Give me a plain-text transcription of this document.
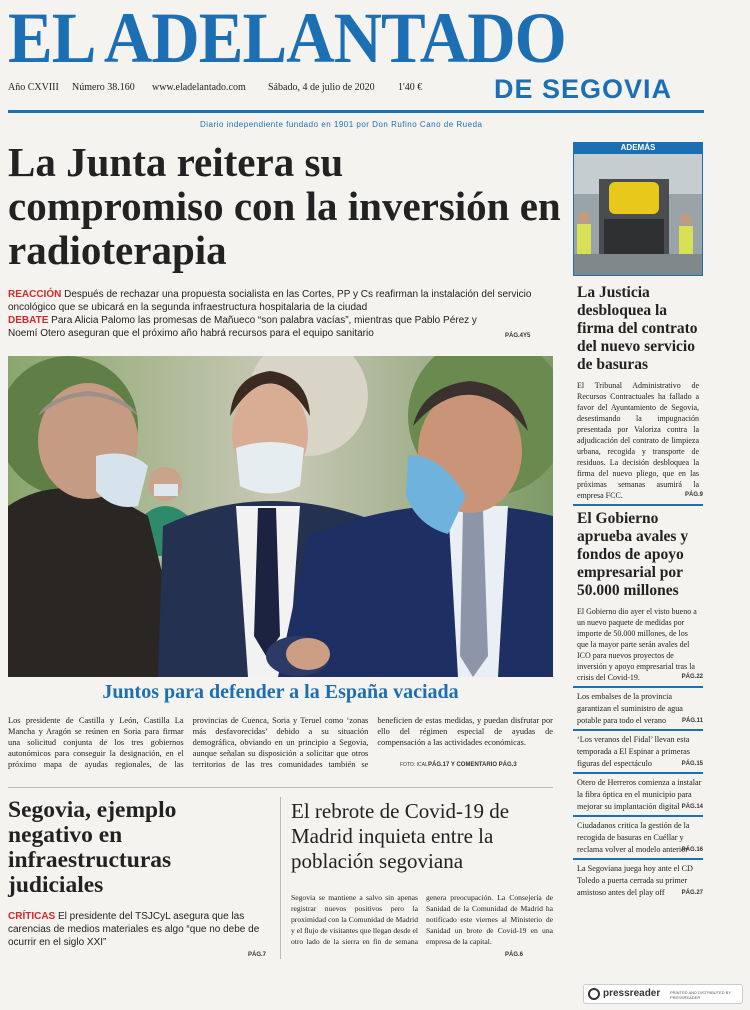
EL ADELANTADO
DE SEGOVIA
Año CXVIII Número 38.160 www.eladelantado.com Sábado, 4 de julio de 2020 1'40 €
Diario independiente fundado en 1901 por Don Rufino Cano de Rueda
La Junta reitera su compromiso con la inversión en radioterapia
REACCIÓN Después de rechazar una propuesta socialista en las Cortes, PP y Cs reafirman la instalación del servicio oncológico que se ubicará en la segunda infraestructura hospitalaria de la ciudad
DEBATE Para Alicia Palomo las promesas de Mañueco “son palabra vacías”, mientras que Pablo Pérez y Noemí Otero aseguran que el próximo año habrá recursos para el equipo sanitario	PÁG.4Y5
Juntos para defender a la España vaciada
Los presidente de Castilla y León, Castilla La Mancha y Aragón se reúnen en Soria para firmar una solicitud conjunta de los tres gobiernos autonómicos para conseguir la designación, en el próximo mapa de ayudas regionales, de las provincias de Cuenca, Soria y Teruel como ‘zonas más desfavorecidas’ debido a su situación demográfica, obviando en un principio a Segovia, aunque señalan su disposición a solicitar que otros territorios de las tres comunidades también se beneficien de estas medidas, y puedan disfrutar por ello del régimen especial de ayudas de compensación a las actividades económicas.
FOTO: ICAL PÁG.17 Y COMENTARIO PÁG.3
Segovia, ejemplo negativo en infraestructuras judiciales
CRÍTICAS El presidente del TSJCyL asegura que las carencias de medios materiales es algo “que no debe de ocurrir en el siglo XXI”
PÁG.7
El rebrote de Covid-19 de Madrid inquieta entre la población segoviana
Segovia se mantiene a salvo sin apenas registrar nuevos positivos pero la proximidad con la Comunidad de Madrid y el flujo de visitantes que llegan desde el otro lado de la sierra en fin de semana genera preocupación. La Consejería de Sanidad de la Comunidad de Madrid ha notificado este viernes al Ministerio de Sanidad un brote de Covid-19 en una empresa de la capital.
PÁG.6
ADEMÁS
La Justicia desbloquea la firma del contrato del nuevo servicio de basuras
El Tribunal Administrativo de Recursos Contractuales ha fallado a favor del Ayuntamiento de Segovia, desestimando la impugnación presentada por Valoriza contra la adjudicación del contrato de limpieza urbana, recogida y transporte de residuos. La decisión desbloquea la firma del nuevo pliego, que en las próximas semanas asumirá la empresa FCC.	PÁG.9
El Gobierno aprueba avales y fondos de apoyo empresarial por 50.000 millones
El Gobierno dio ayer el visto bueno a un nuevo paquete de medidas por importe de 50.000 millones, de los que la mayor parte serán avales del ICO para nuevos proyectos de inversión y apoyo empresarial tras la crisis del Covid-19.	PÁG.22
Los embalses de la provincia garantizan el suministro de agua potable para todo el verano	PÁG.11
‘Los veranos del Fidal’ llevan esta temporada a El Espinar a primeras figuras del espectáculo	PÁG.15
Otero de Herreros comienza a instalar la fibra óptica en el municipio para mejorar su implantación digital PÁG.14
Ciudadanos critica la gestión de la recogida de basuras en Cuéllar y reclama volver al modelo anterior
PÁG.16
La Segoviana juega hoy ante el CD Toledo a puerta cerrada su primer amistoso antes del play off	PÁG.27
pressreader PRINTED AND DISTRIBUTED BY PRESSREADER
